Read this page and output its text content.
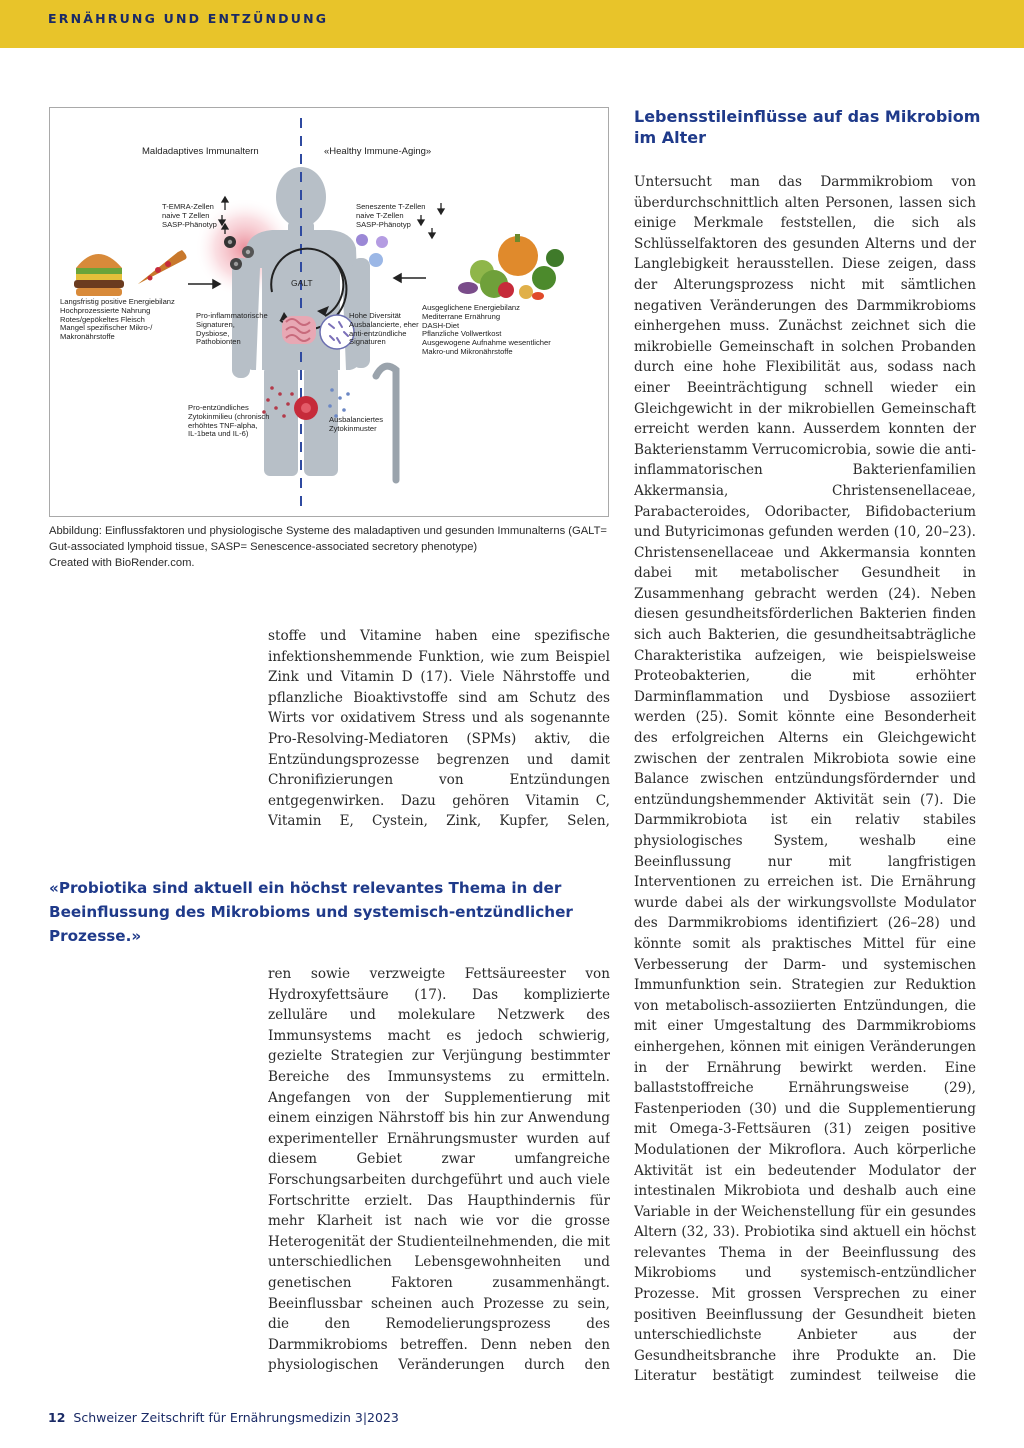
ERNÄHRUNG UND ENTZÜNDUNG
Maldadaptives Immunaltern	«Healthy Immune-Aging»
GALT
T-EMRA-Zellen
naive T Zellen
SASP-Phänotyp
Seneszente T-Zellen
naive T-Zellen
SASP-Phänotyp
Langsfristig positive Energiebilanz
Hochprozessierte Nahrung
Rotes/gepökeltes Fleisch
Mangel spezifischer Mikro-/
Makronährstoffe
Ausgeglichene Energiebilanz
Mediterrane Ernährung
DASH-Diet
Pflanzliche Vollwertkost
Ausgewogene Aufnahme wesentlicher
Makro-und Mikronährstoffe
Pro-inflammatorische
Signaturen,
Dysbiose,
Pathobionten
Hohe Diversität
Ausbalancierte, eher
anti-entzündliche
Signaturen
Pro-entzündliches
Zytokinmilieu (chronisch
erhöhtes TNF-alpha,
IL-1beta und IL-6)
Ausbalanciertes
Zytokinmuster
Abbildung: Einflussfaktoren und physiologische Systeme des maladaptiven und gesunden Immunalterns (GALT=
Gut-associated lymphoid tissue, SASP= Senescence-associated secretory phenotype)
Created with BioRender.com.
stoffe und Vitamine haben eine spezifische infektionshemmende Funktion, wie zum Beispiel Zink und Vitamin D (17). Viele Nährstoffe und pflanzliche Bioaktivstoffe sind am Schutz des Wirts vor oxidativem Stress und als sogenannte Pro-Resolving-Mediatoren (SPMs) aktiv, die Entzündungsprozesse begrenzen und damit Chronifizierungen von Entzündungen entgegenwirken. Dazu gehören Vitamin C, Vitamin E, Cystein, Zink, Kupfer, Selen,
«Probiotika sind aktuell ein höchst relevantes Thema in der Beeinflussung des Mikrobioms und systemisch-entzündlicher Prozesse.»
ren sowie verzweigte Fettsäureester von Hydroxyfettsäure (17). Das komplizierte zelluläre und molekulare Netzwerk des Immunsystems macht es jedoch schwierig, gezielte Strategien zur Verjüngung bestimmter Bereiche des Immunsystems zu ermitteln. Angefangen von der Supplementierung mit einem einzigen Nährstoff bis hin zur Anwendung experimenteller Ernährungsmuster wurden auf diesem Gebiet zwar umfangreiche Forschungsarbeiten durchgeführt und auch viele Fortschritte erzielt. Das Haupthindernis für mehr Klarheit ist nach wie vor die grosse Heterogenität der Studienteilnehmenden, die mit unterschiedlichen Lebensgewohnheiten und genetischen Faktoren zusammenhängt. Beeinflussbar scheinen auch Prozesse zu sein, die den Remodelierungsprozess des Darmmikrobioms betreffen. Denn neben den physiologischen Veränderungen durch den
Lebensstileinflüsse auf das Mikrobiom im Alter
Untersucht man das Darmmikrobiom von überdurchschnittlich alten Personen, lassen sich einige Merkmale feststellen, die sich als Schlüsselfaktoren des gesunden Alterns und der Langlebigkeit herausstellen. Diese zeigen, dass der Alterungsprozess nicht mit sämtlichen negativen Veränderungen des Darmmikrobioms einhergehen muss. Zunächst zeichnet sich die mikrobielle Gemeinschaft in solchen Probanden durch eine hohe Flexibilität aus, sodass nach einer Beeinträchtigung schnell wieder ein Gleichgewicht in der mikrobiellen Gemeinschaft erreicht werden kann. Ausserdem konnten der Bakterienstamm Verrucomicrobia, sowie die anti-inflammatorischen Bakterienfamilien Akkermansia, Christensenellaceae, Parabacteroides, Odoribacter, Bifidobacterium und Butyricimonas gefunden werden (10, 20–23). Christensenellaceae und Akkermansia konnten dabei mit metabolischer Gesundheit in Zusammenhang gebracht werden (24). Neben diesen gesundheitsförderlichen Bakterien finden sich auch Bakterien, die gesundheitsabträgliche Charakteristika aufzeigen, wie beispielsweise Proteobakterien, die mit erhöhter Darminflammation und Dysbiose assoziiert werden (25). Somit könnte eine Besonderheit des erfolgreichen Alterns ein Gleichgewicht zwischen der zentralen Mikrobiota sowie eine Balance zwischen entzündungsfördernder und entzündungshemmender Aktivität sein (7). Die Darmmikrobiota ist ein relativ stabiles physiologisches System, weshalb eine Beeinflussung nur mit langfristigen Interventionen zu erreichen ist. Die Ernährung wurde dabei als der wirkungsvollste Modulator des Darmmikrobioms identifiziert (26–28) und könnte somit als praktisches Mittel für eine Verbesserung der Darm- und systemischen Immunfunktion sein. Strategien zur Reduktion von metabolisch-assoziierten Entzündungen, die mit einer Umgestaltung des Darmmikrobioms einhergehen, können mit einigen Veränderungen in der Ernährung bewirkt werden. Eine ballaststoffreiche Ernährungsweise (29), Fastenperioden (30) und die Supplementierung mit Omega-3-Fettsäuren (31) zeigen positive Modulationen der Mikroflora. Auch körperliche Aktivität ist ein bedeutender Modulator der intestinalen Mikrobiota und deshalb auch eine Variable in der Weichenstellung für ein gesundes Altern (32, 33). Probiotika sind aktuell ein höchst relevantes Thema in der Beeinflussung des Mikrobioms und systemisch-entzündlicher Prozesse. Mit grossen Versprechen zu einer positiven Beeinflussung der Gesundheit bieten unterschiedlichste Anbieter aus der Gesundheitsbranche ihre Produkte an. Die Literatur bestätigt zumindest teilweise die
12 Schweizer Zeitschrift für Ernährungsmedizin 3|2023
